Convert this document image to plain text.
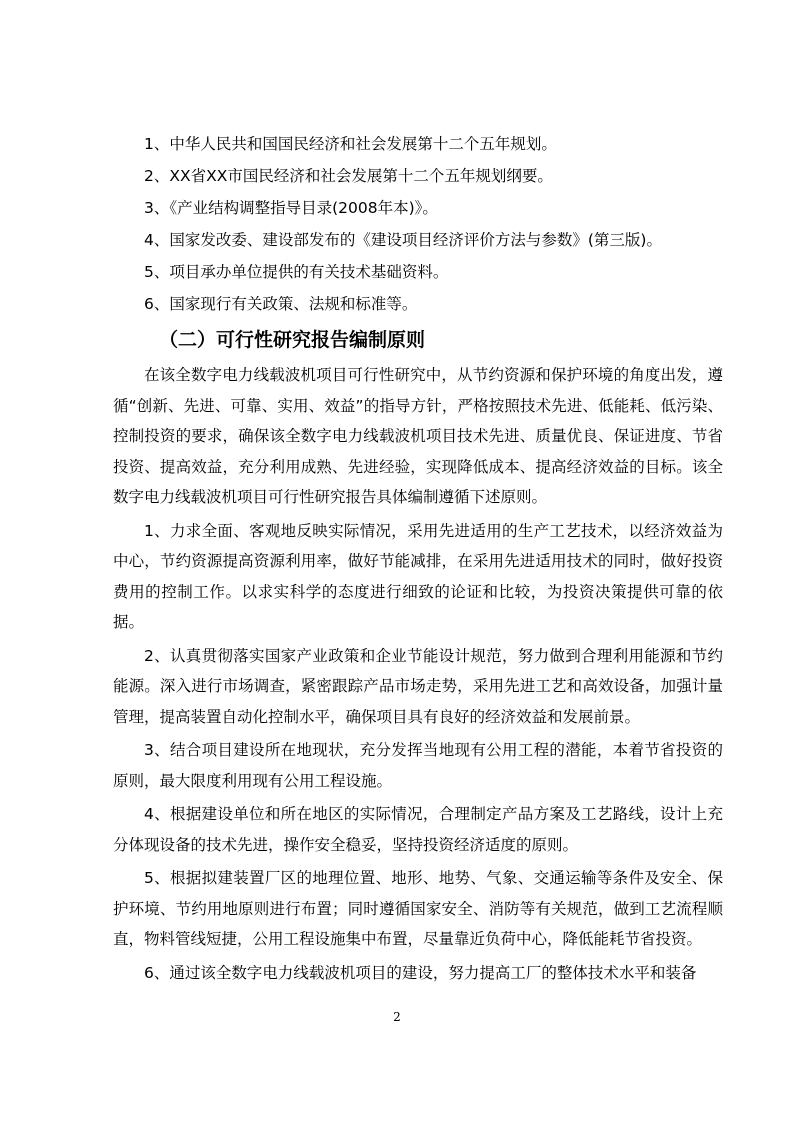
1、中华人民共和国国民经济和社会发展第十二个五年规划。
2、XX省XX市国民经济和社会发展第十二个五年规划纲要。
3、《产业结构调整指导目录(2008年本)》。
4、国家发改委、建设部发布的《建设项目经济评价方法与参数》(第三版)。
5、项目承办单位提供的有关技术基础资料。
6、国家现行有关政策、法规和标准等。
（二）可行性研究报告编制原则

在该全数字电力线载波机项目可行性研究中，从节约资源和保护环境的角度出发，遵循“创新、先进、可靠、实用、效益”的指导方针，严格按照技术先进、低能耗、低污染、控制投资的要求，确保该全数字电力线载波机项目技术先进、质量优良、保证进度、节省投资、提高效益，充分利用成熟、先进经验，实现降低成本、提高经济效益的目标。该全数字电力线载波机项目可行性研究报告具体编制遵循下述原则。

1、力求全面、客观地反映实际情况，采用先进适用的生产工艺技术，以经济效益为中心，节约资源提高资源利用率，做好节能减排，在采用先进适用技术的同时，做好投资费用的控制工作。以求实科学的态度进行细致的论证和比较，为投资决策提供可靠的依据。

2、认真贯彻落实国家产业政策和企业节能设计规范，努力做到合理利用能源和节约能源。深入进行市场调查，紧密跟踪产品市场走势，采用先进工艺和高效设备，加强计量管理，提高装置自动化控制水平，确保项目具有良好的经济效益和发展前景。

3、结合项目建设所在地现状，充分发挥当地现有公用工程的潜能，本着节省投资的原则，最大限度利用现有公用工程设施。

4、根据建设单位和所在地区的实际情况，合理制定产品方案及工艺路线，设计上充分体现设备的技术先进，操作安全稳妥，坚持投资经济适度的原则。

5、根据拟建装置厂区的地理位置、地形、地势、气象、交通运输等条件及安全、保护环境、节约用地原则进行布置；同时遵循国家安全、消防等有关规范，做到工艺流程顺直，物料管线短捷，公用工程设施集中布置，尽量靠近负荷中心，降低能耗节省投资。

6、通过该全数字电力线载波机项目的建设，努力提高工厂的整体技术水平和装备

2
